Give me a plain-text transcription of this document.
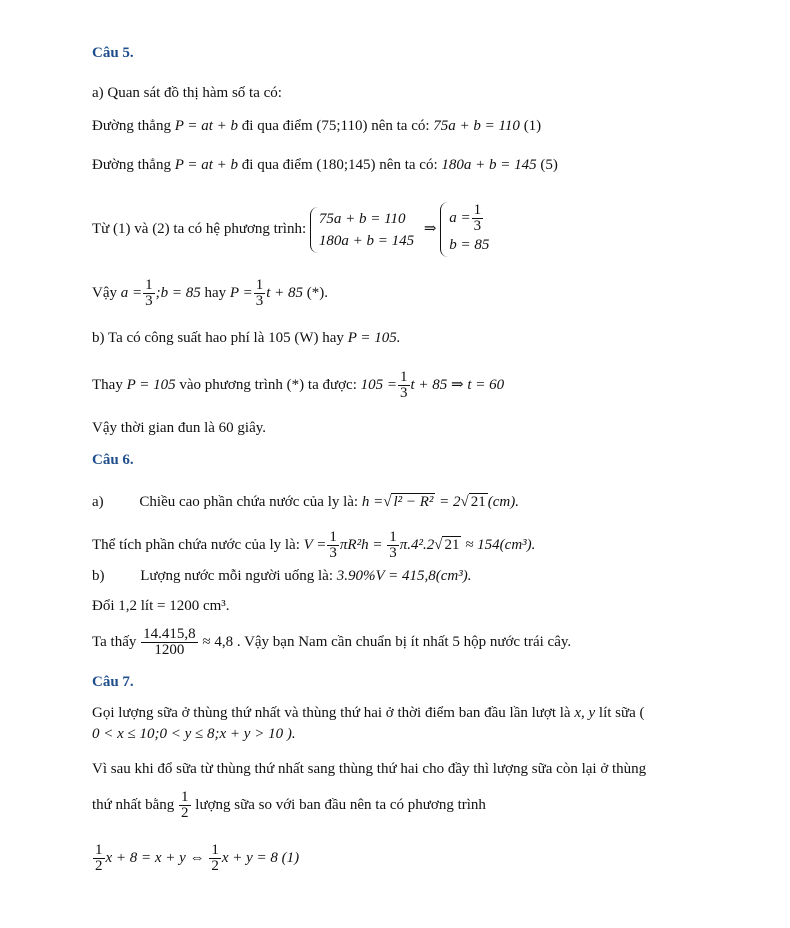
Câu 5.
a) Quan sát đồ thị hàm số ta có:
Đường thẳng P = at + b đi qua điểm (75;110) nên ta có: 75a + b = 110 (1)
Đường thẳng P = at + b đi qua điểm (180;145) nên ta có: 180a + b = 145 (5)
Từ (1) và (2) ta có hệ phương trình:
75a + b = 110
180a + b = 145
⇒
$a = \frac{1}{3}$
b = 85
Vậy $a = \frac{1}{3}$ ;b = 85 hay $P = \frac{1}{3}$ t + 85 (*).
b) Ta có công suất hao phí là 105 (W) hay P = 105.
Thay P = 105 vào phương trình (*) ta được: $105 = \frac{1}{3}$ t + 85 ⇒ t = 60
Vậy thời gian đun là 60 giây.
Câu 6.
a) Chiều cao phần chứa nước của ly là: h =√ l² − R² = 2√ 21 (cm).
Thể tích phần chứa nước của ly là: $V = \frac{1}{3} \pi R^2h = \frac{1}{3} \pi.4^2.2√$ 21 ≈ 154(cm³).
b) Lượng nước mỗi người uống là: 3.90%V = 415,8(cm³).
Đổi 1,2 lít = 1200 cm³.
Ta thấy $\frac{14.415,8}{1200} \approx 4,8$ . Vậy bạn Nam cần chuẩn bị ít nhất 5 hộp nước trái cây.
Câu 7.
Gọi lượng sữa ở thùng thứ nhất và thùng thứ hai ở thời điểm ban đầu lần lượt là x, y lít sữa (
0 < x ≤ 10;0 < y ≤ 8;x + y > 10 ).
Vì sau khi đổ sữa từ thùng thứ nhất sang thùng thứ hai cho đầy thì lượng sữa còn lại ở thùng
thứ nhất bằng $\frac{1}{2}$ lượng sữa so với ban đầu nên ta có phương trình
$\frac{1}{2}$ x + 8 = x + y ⇔ $\frac{1}{2}$ x + y = 8 (1)
